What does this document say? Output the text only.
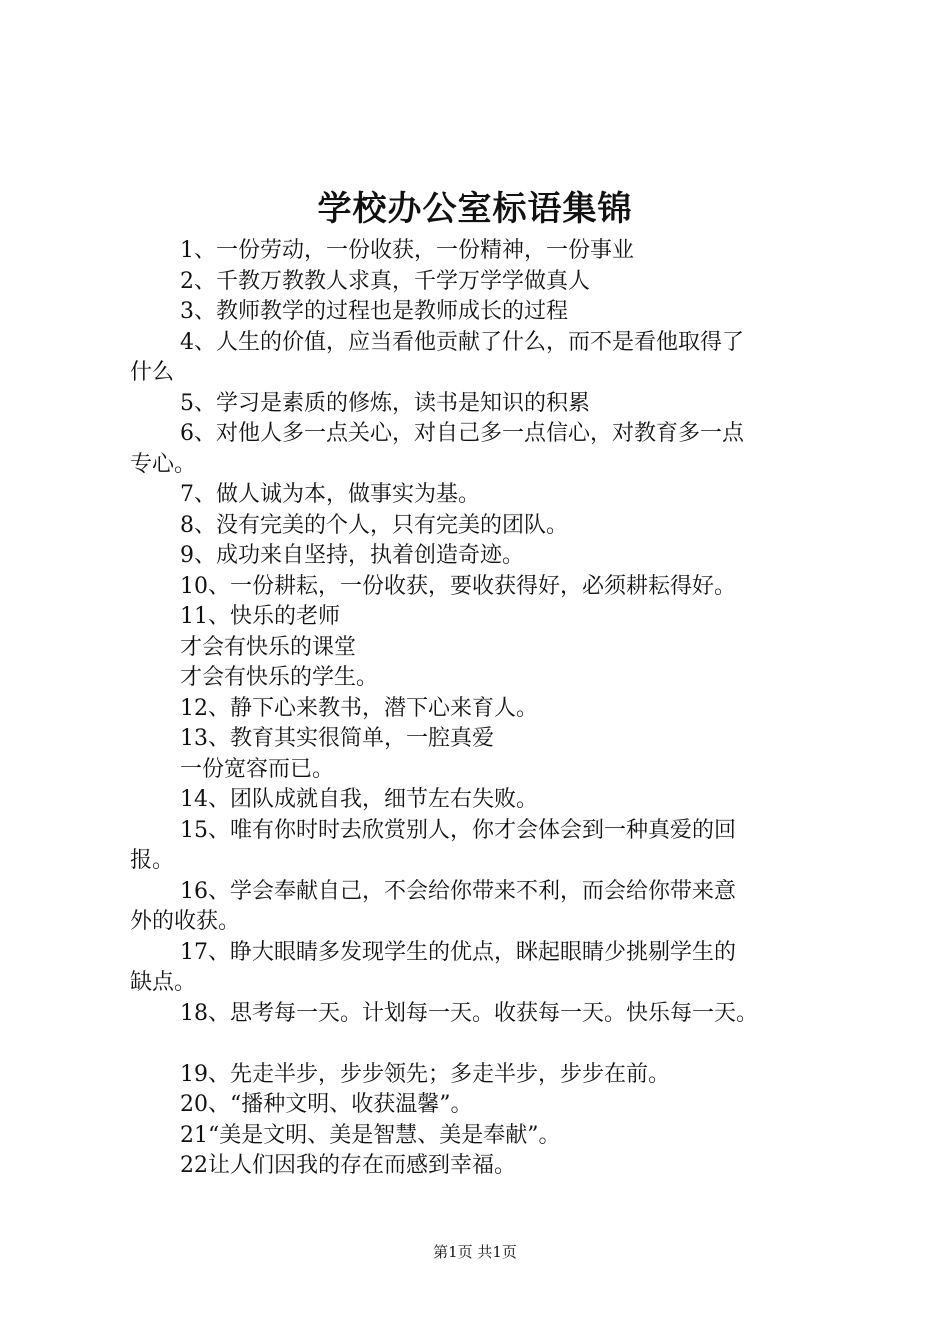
学校办公室标语集锦
1、一份劳动，一份收获，一份精神，一份事业
2、千教万教教人求真，千学万学学做真人
3、教师教学的过程也是教师成长的过程
4、人生的价值，应当看他贡献了什么，而不是看他取得了
什么
5、学习是素质的修炼，读书是知识的积累
6、对他人多一点关心，对自己多一点信心，对教育多一点
专心。
7、做人诚为本，做事实为基。
8、没有完美的个人，只有完美的团队。
9、成功来自坚持，执着创造奇迹。
10、一份耕耘，一份收获，要收获得好，必须耕耘得好。
11、快乐的老师
才会有快乐的课堂
才会有快乐的学生。
12、静下心来教书，潜下心来育人。
13、教育其实很简单，一腔真爱
一份宽容而已。
14、团队成就自我，细节左右失败。
15、唯有你时时去欣赏别人，你才会体会到一种真爱的回
报。
16、学会奉献自己，不会给你带来不利，而会给你带来意
外的收获。
17、睁大眼睛多发现学生的优点，眯起眼睛少挑剔学生的
缺点。
18、思考每一天。计划每一天。收获每一天。快乐每一天。
19、先走半步，步步领先；多走半步，步步在前。
20、“播种文明、收获温馨”。
21“美是文明、美是智慧、美是奉献”。
22让人们因我的存在而感到幸福。
第1页 共1页
